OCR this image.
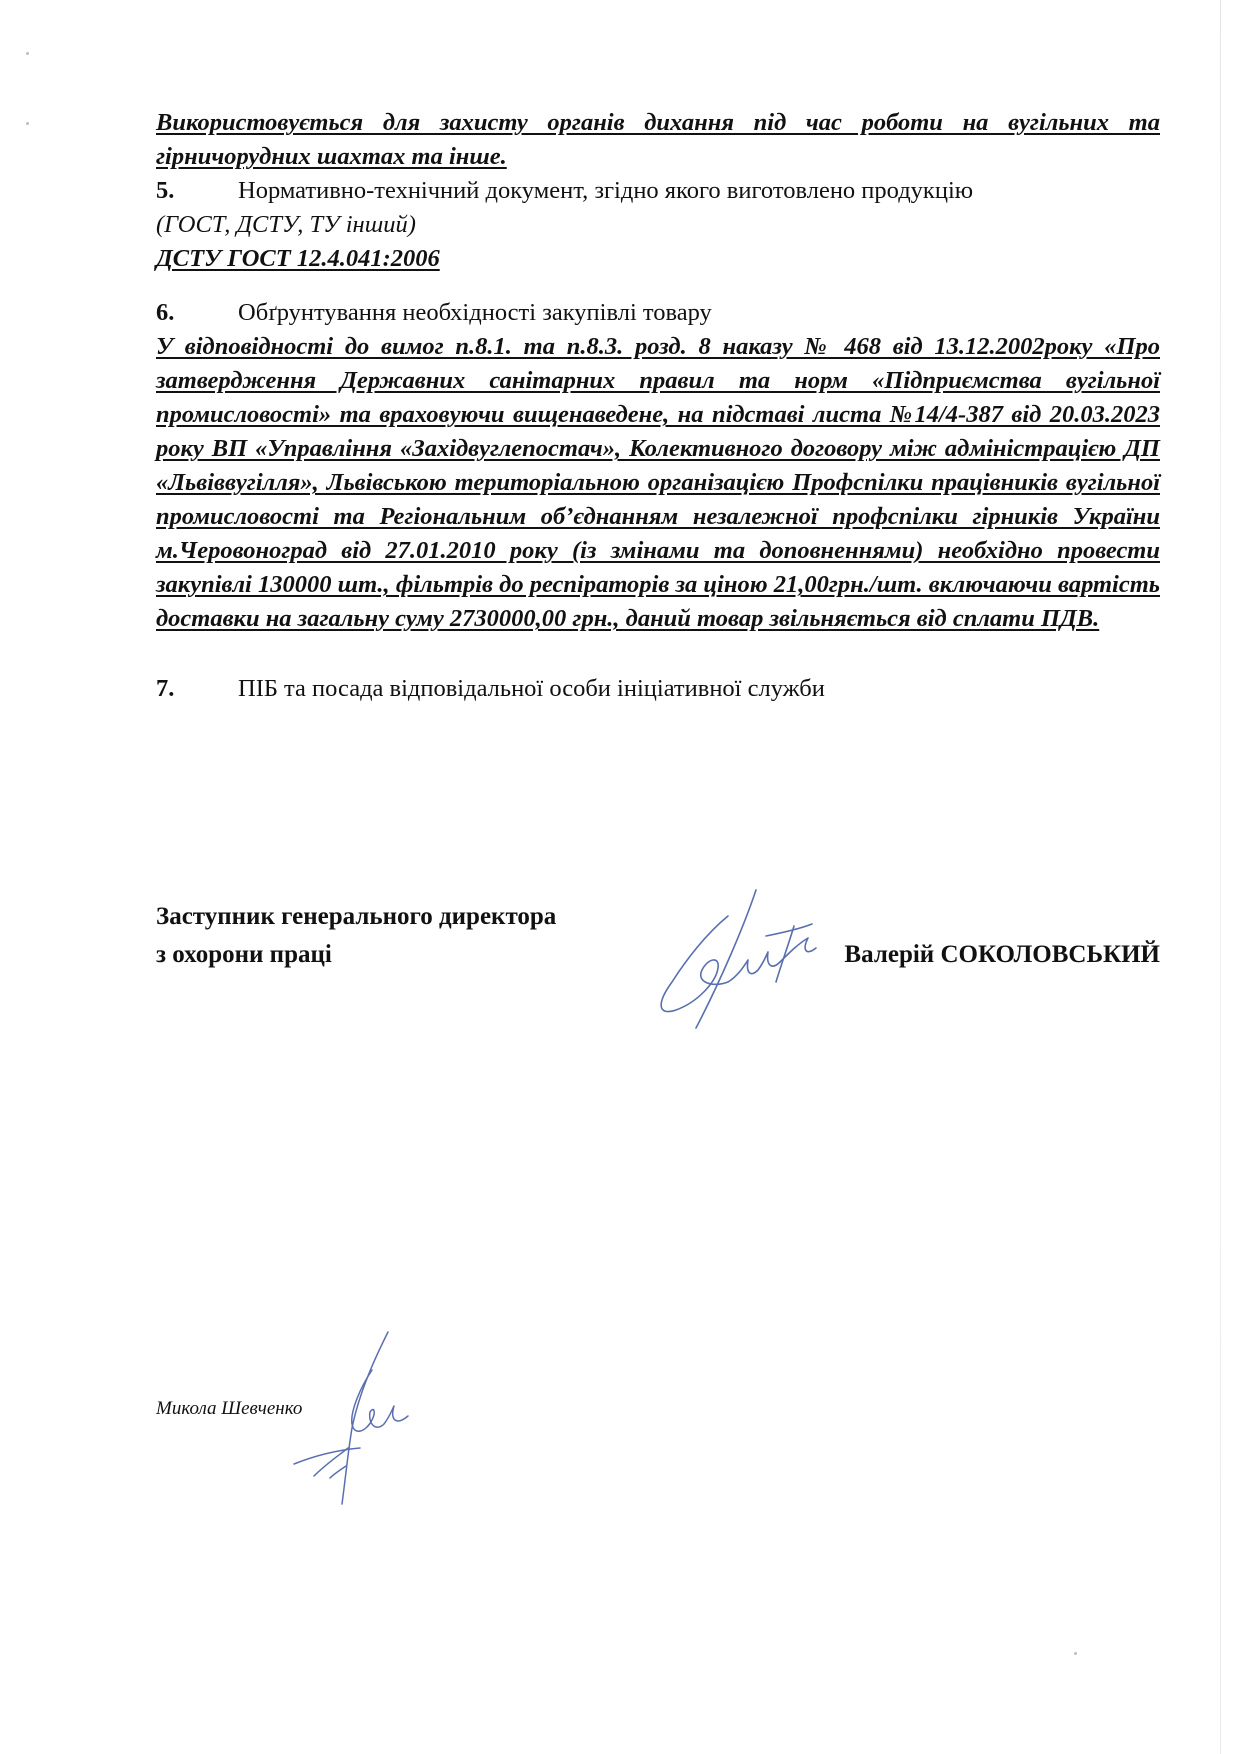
Використовується для захисту органів дихання під час роботи на вугільних та гірничорудних шахтах та інше.

5.	Нормативно-технічний документ, згідно якого виготовлено продукцію

(ГОСТ, ДСТУ, ТУ інший)

ДСТУ ГОСТ 12.4.041:2006

6.	Обґрунтування необхідності закупівлі товару

У відповідності до вимог п.8.1. та п.8.3. розд. 8 наказу № 468 від 13.12.2002року «Про затвердження Державних санітарних правил та норм «Підприємства вугільної промисловості» та враховуючи вищенаведене, на підставі листа №14/4-387 від 20.03.2023 року ВП «Управління «Західвуглепостач», Колективного договору між адміністрацією ДП «Львіввугілля», Львівською територіальною організацією Профспілки працівників вугільної промисловості та Регіональним об’єднанням незалежної профспілки гірників України м.Черовоноград від 27.01.2010 року (із змінами та доповненнями) необхідно провести закупівлі 130000 шт., фільтрів до респіраторів за ціною 21,00грн./шт. включаючи вартість доставки на загальну суму 2730000,00 грн., даний товар звільняється від сплати ПДВ.

7.	ПІБ та посада відповідальної особи ініціативної служби
Заступник генерального директора
з охорони праці	Валерій СОКОЛОВСЬКИЙ
Микола Шевченко
